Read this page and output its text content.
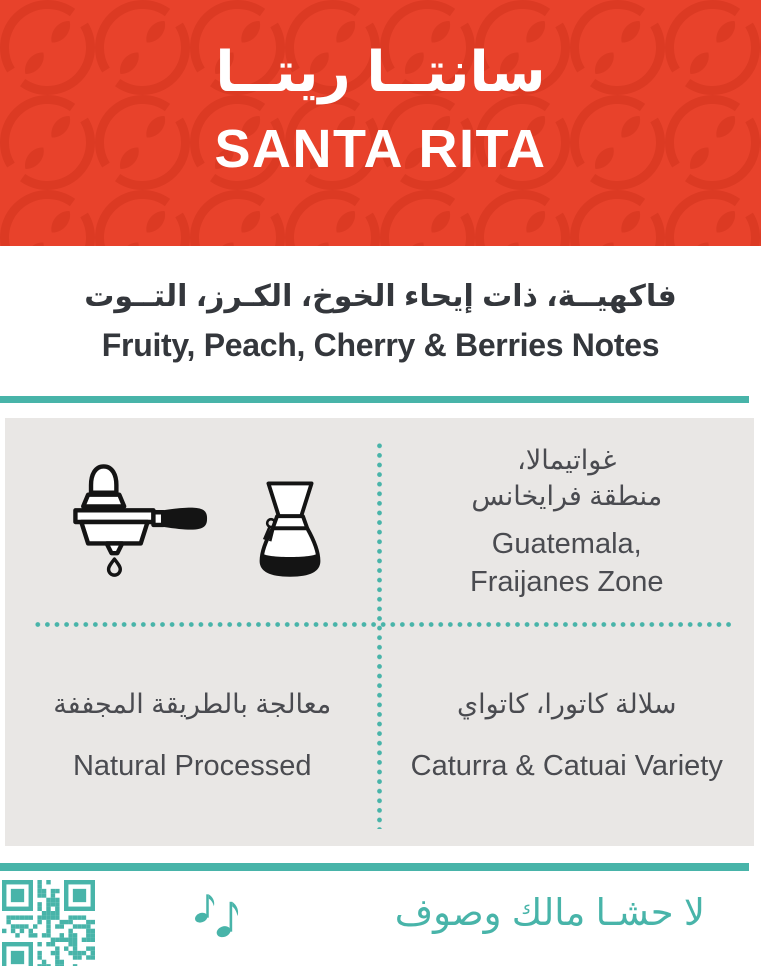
سانتــا ريتــا
SANTA RITA
فاكهيــة، ذات إيحاء الخوخ، الكـرز، التــوت
Fruity, Peach, Cherry & Berries Notes
غواتيمالا،
منطقة فرايخانس
Guatemala,
Fraijanes Zone
معالجة بالطريقة المجففة
Natural Processed
سلالة كاتورا، كاتواي
Caturra & Catuai Variety
لا حشـا مالك وصوف
